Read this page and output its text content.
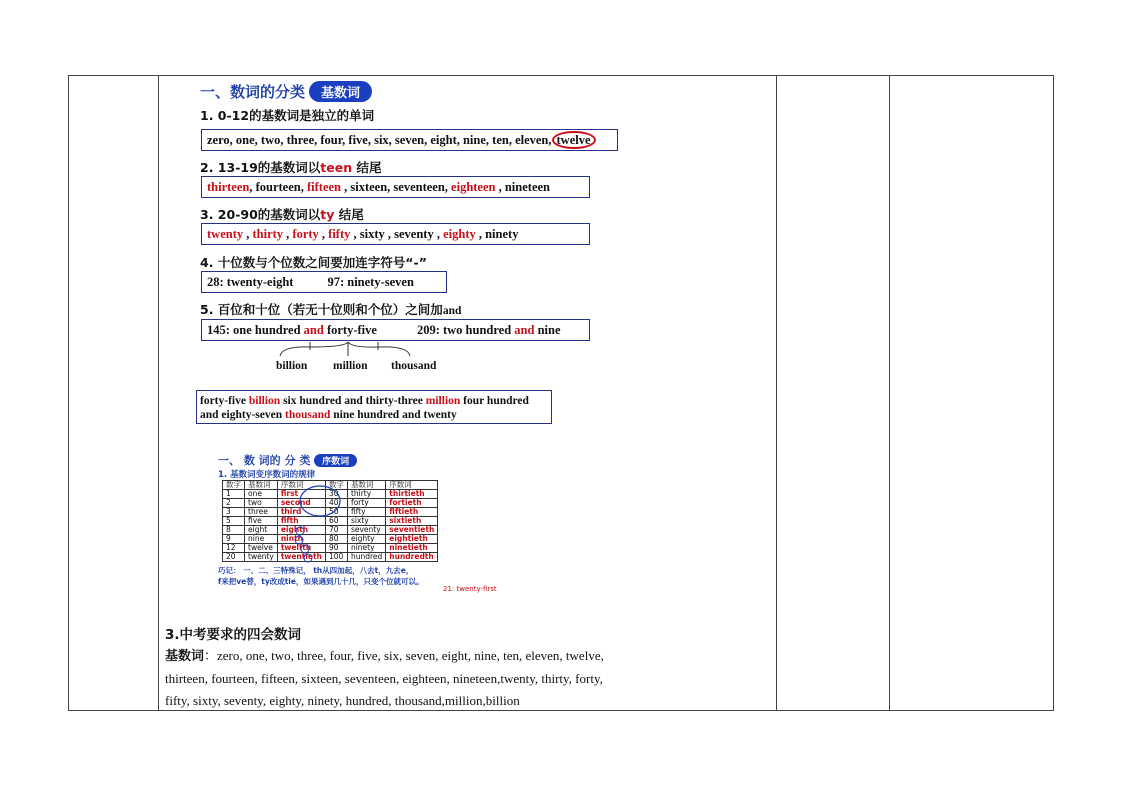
一、数词的分类 基数词
1. 0-12的基数词是独立的单词
zero, one, two, three, four, five, six, seven, eight, nine, ten, eleven, twelve
2. 13-19的基数词以teen 结尾
thirteen, fourteen, fifteen , sixteen, seventeen, eighteen , nineteen
3. 20-90的基数词以ty 结尾
twenty , thirty , forty , fifty , sixty , seventy , eighty , ninety
4. 十位数与个位数之间要加连字符号“-”
28: twenty-eight	97: ninety-seven
5. 百位和十位（若无十位则和个位）之间加and
145: one hundred and forty-five	209: two hundred and nine
billion million thousand
forty-five billion six hundred and thirty-three million four hundred
and eighty-seven thousand nine hundred and twenty
一、 数 词的 分 类 序数词
1. 基数词变序数词的规律
数字	基数词	序数词	数字	基数词	序数词
1	one	first	30	thirty	thirtieth
2	two	second	40	forty	fortieth
3	three	third	50	fifty	fiftieth
5	five	fifth	60	sixty	sixtieth
8	eight	eighth	70	seventy	seventieth
9	nine	ninth	80	eighty	eightieth
12	twelve	twelfth	90	ninety	ninetieth
20	twenty	twentieth	100	hundred	hundredth
巧记： 一、二、三特殊记， th从四加起，八去t，九去e，
f来把ve替，ty改成tie，如果遇到几十几，只变个位就可以。
21: twenty-first
3.中考要求的四会数词
基数词：zero, one, two, three, four, five, six, seven, eight, nine, ten, eleven, twelve,
thirteen, fourteen, fifteen, sixteen, seventeen, eighteen, nineteen,twenty, thirty, forty,
fifty, sixty, seventy, eighty, ninety, hundred, thousand,million,billion
